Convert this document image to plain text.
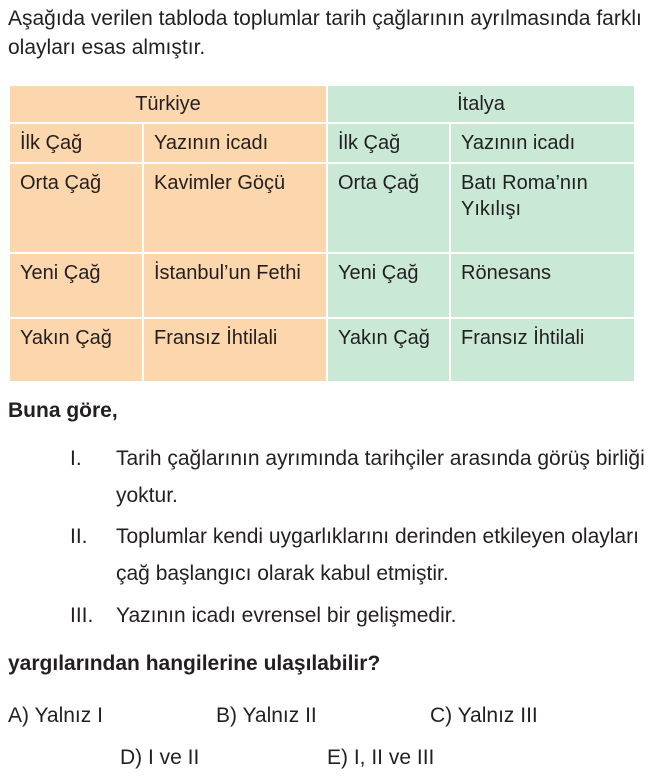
Aşağıda verilen tabloda toplumlar tarih çağlarının ayrılmasında farklı olayları esas almıştır.

Türkiye		İtalya	
İlk Çağ	Yazının icadı	İlk Çağ	Yazının icadı
Orta Çağ	Kavimler Göçü	Orta Çağ	Batı Roma’nın Yıkılışı
Yeni Çağ	İstanbul’un Fethi	Yeni Çağ	Rönesans
Yakın Çağ	Fransız İhtilali	Yakın Çağ	Fransız İhtilali

Buna göre,

I. Tarih çağlarının ayrımında tarihçiler arasında görüş birliği yoktur.
II. Toplumlar kendi uygarlıklarını derinden etkileyen olayları çağ başlangıcı olarak kabul etmiştir.
III. Yazının icadı evrensel bir gelişmedir.

yargılarından hangilerine ulaşılabilir?

A) Yalnız I	B) Yalnız II	C) Yalnız III
D) I ve II	E) I, II ve III
